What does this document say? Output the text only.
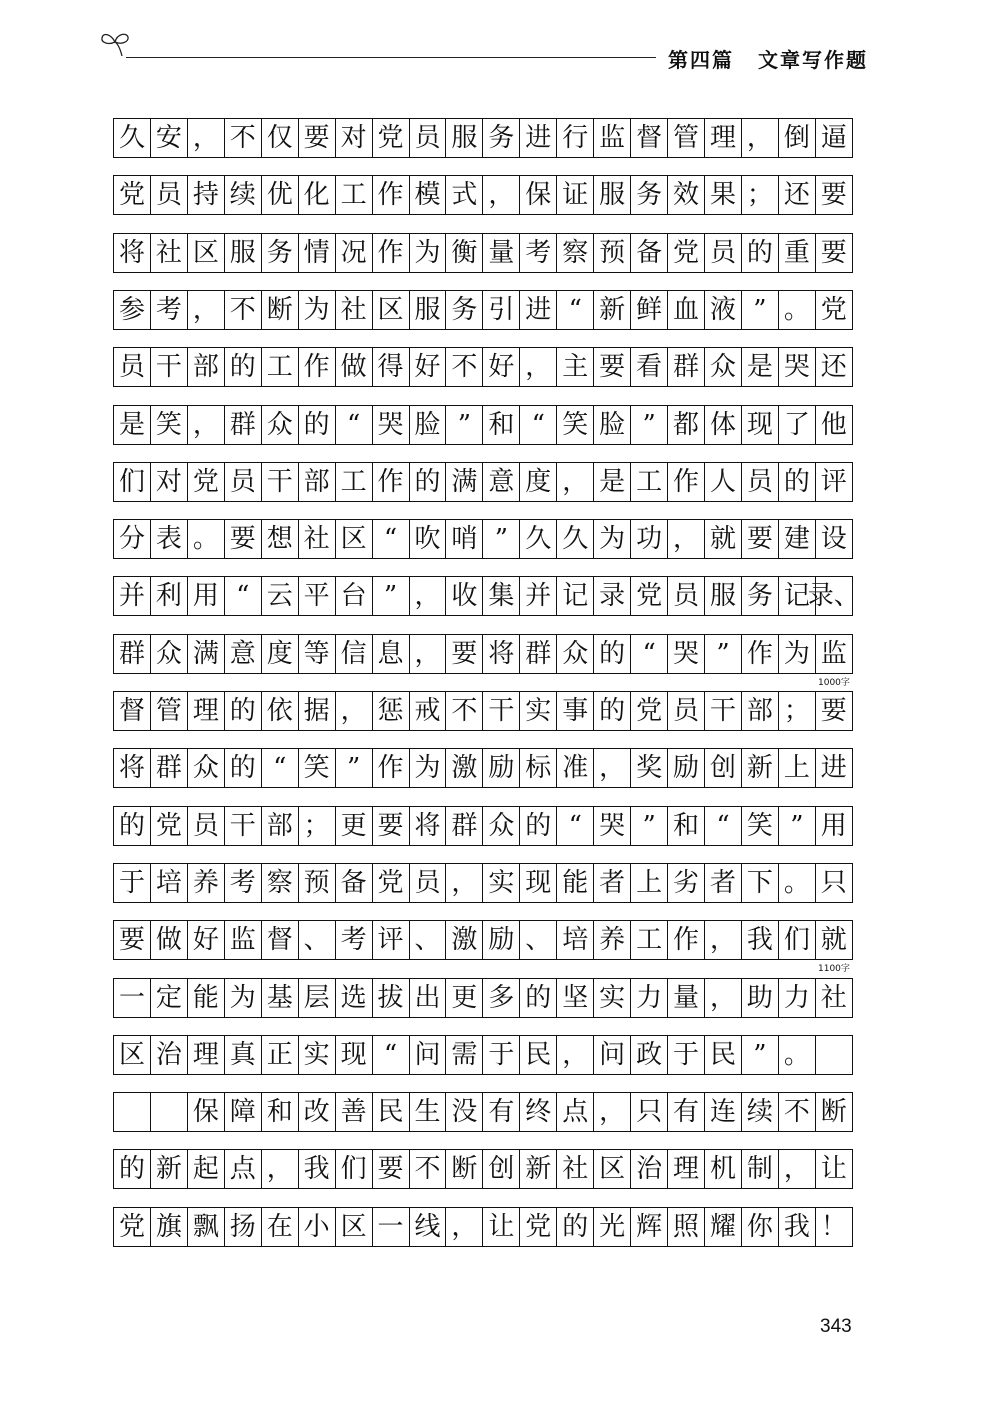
第四篇 文章写作题
久 安 ， 不 仅 要 对 党 员 服 务 进 行 监 督 管 理 ， 倒 逼
党 员 持 续 优 化 工 作 模 式 ， 保 证 服 务 效 果 ； 还 要
将 社 区 服 务 情 况 作 为 衡 量 考 察 预 备 党 员 的 重 要
参 考 ， 不 断 为 社 区 服 务 引 进 “ 新 鲜 血 液 ” 。 党
员 干 部 的 工 作 做 得 好 不 好 ， 主 要 看 群 众 是 哭 还
是 笑 ， 群 众 的 “ 哭 脸 ” 和 “ 笑 脸 ” 都 体 现 了 他
们 对 党 员 干 部 工 作 的 满 意 度 ， 是 工 作 人 员 的 评
分 表 。 要 想 社 区 “ 吹 哨 ” 久 久 为 功 ， 就 要 建 设
并 利 用 “ 云 平 台 ” ， 收 集 并 记 录 党 员 服 务 记
录、
群 众 满 意 度 等 信 息 ， 要 将 群 众 的 “ 哭 ” 作 为 监
督 管 理 的 依 据 ， 惩 戒 不 干 实 事 的 党 员 干 部 ； 要
将 群 众 的 “ 笑 ” 作 为 激 励 标 准 ， 奖 励 创 新 上 进
的 党 员 干 部 ； 更 要 将 群 众 的 “ 哭 ” 和 “ 笑 ” 用
于 培 养 考 察 预 备 党 员 ， 实 现 能 者 上 劣 者 下 。 只
要 做 好 监 督 、 考 评 、 激 励 、 培 养 工 作 ， 我 们 就
一 定 能 为 基 层 选 拔 出 更 多 的 坚 实 力 量 ， 助 力 社
区 治 理 真 正 实 现 “ 问 需 于 民 ， 问 政 于 民 ” 。
保 障 和 改 善 民 生 没 有 终 点 ， 只 有 连 续 不 断
的 新 起 点 ， 我 们 要 不 断 创 新 社 区 治 理 机 制 ， 让
党 旗 飘 扬 在 小 区 一 线 ， 让 党 的 光 辉 照 耀 你 我 ！
343
1000字
1100字
